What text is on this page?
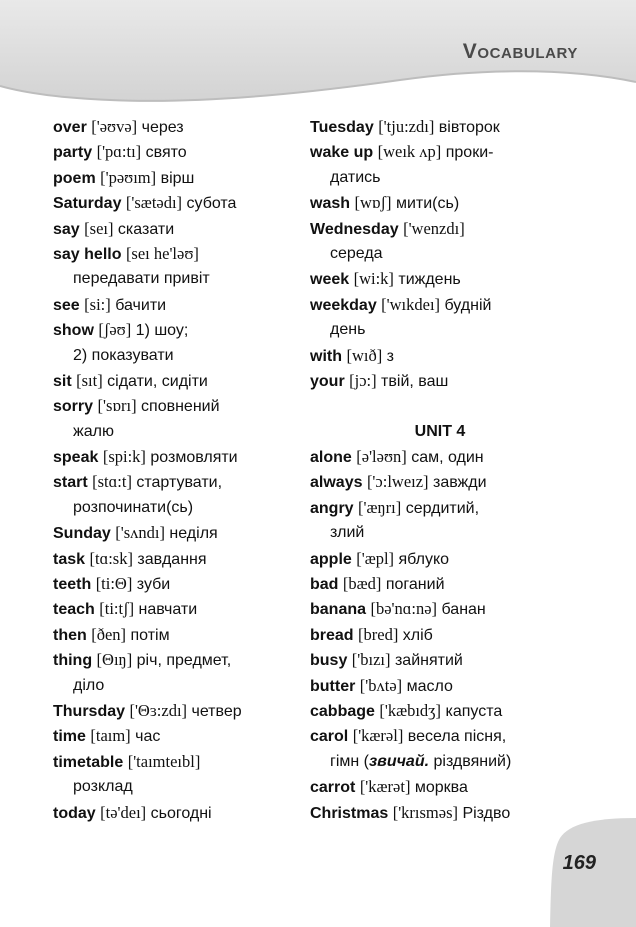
Vocabulary
over ['əʊvə] через
party ['pɑ:tı] свято
poem ['pəʊım] вірш
Saturday ['sætədı] субота
say [seı] сказати
say hello [seı he'ləʊ]
передавати привіт
see [si:] бачити
show [ʃəʊ] 1) шоу;
2) показувати
sit [sıt] сідати, сидіти
sorry ['sɒrı] сповнений
жалю
speak [spi:k] розмовляти
start [stɑ:t] стартувати,
розпочинати(сь)
Sunday ['sʌndı] неділя
task [tɑ:sk] завдання
teeth [ti:Θ] зуби
teach [ti:tʃ] навчати
then [ðen] потім
thing [Θıŋ] річ, предмет,
діло
Thursday ['Θɜ:zdı] четвер
time [taım] час
timetable ['taımteıbl]
розклад
today [tə'deı] сьогодні
Tuesday ['tju:zdı] вівторок
wake up [weık ʌp] проки-
датись
wash [wɒʃ] мити(сь)
Wednesday ['wenzdı]
середа
week [wi:k] тиждень
weekday ['wıkdeı] будній
день
with [wıð] з
your [jɔ:] твій, ваш
UNIT 4
alone [ə'ləʊn] сам, один
always ['ɔ:lweız] завжди
angry ['æŋrı] сердитий,
злий
apple ['æpl] яблуко
bad [bæd] поганий
banana [bə'nɑ:nə] банан
bread [bred] хліб
busy ['bızı] зайнятий
butter ['bʌtə] масло
cabbage ['kæbıdʒ] капуста
carol ['kærəl] весела пісня,
гімн (звичай. різдвяний)
carrot ['kærət] морква
Christmas ['krısməs] Різдво
169
